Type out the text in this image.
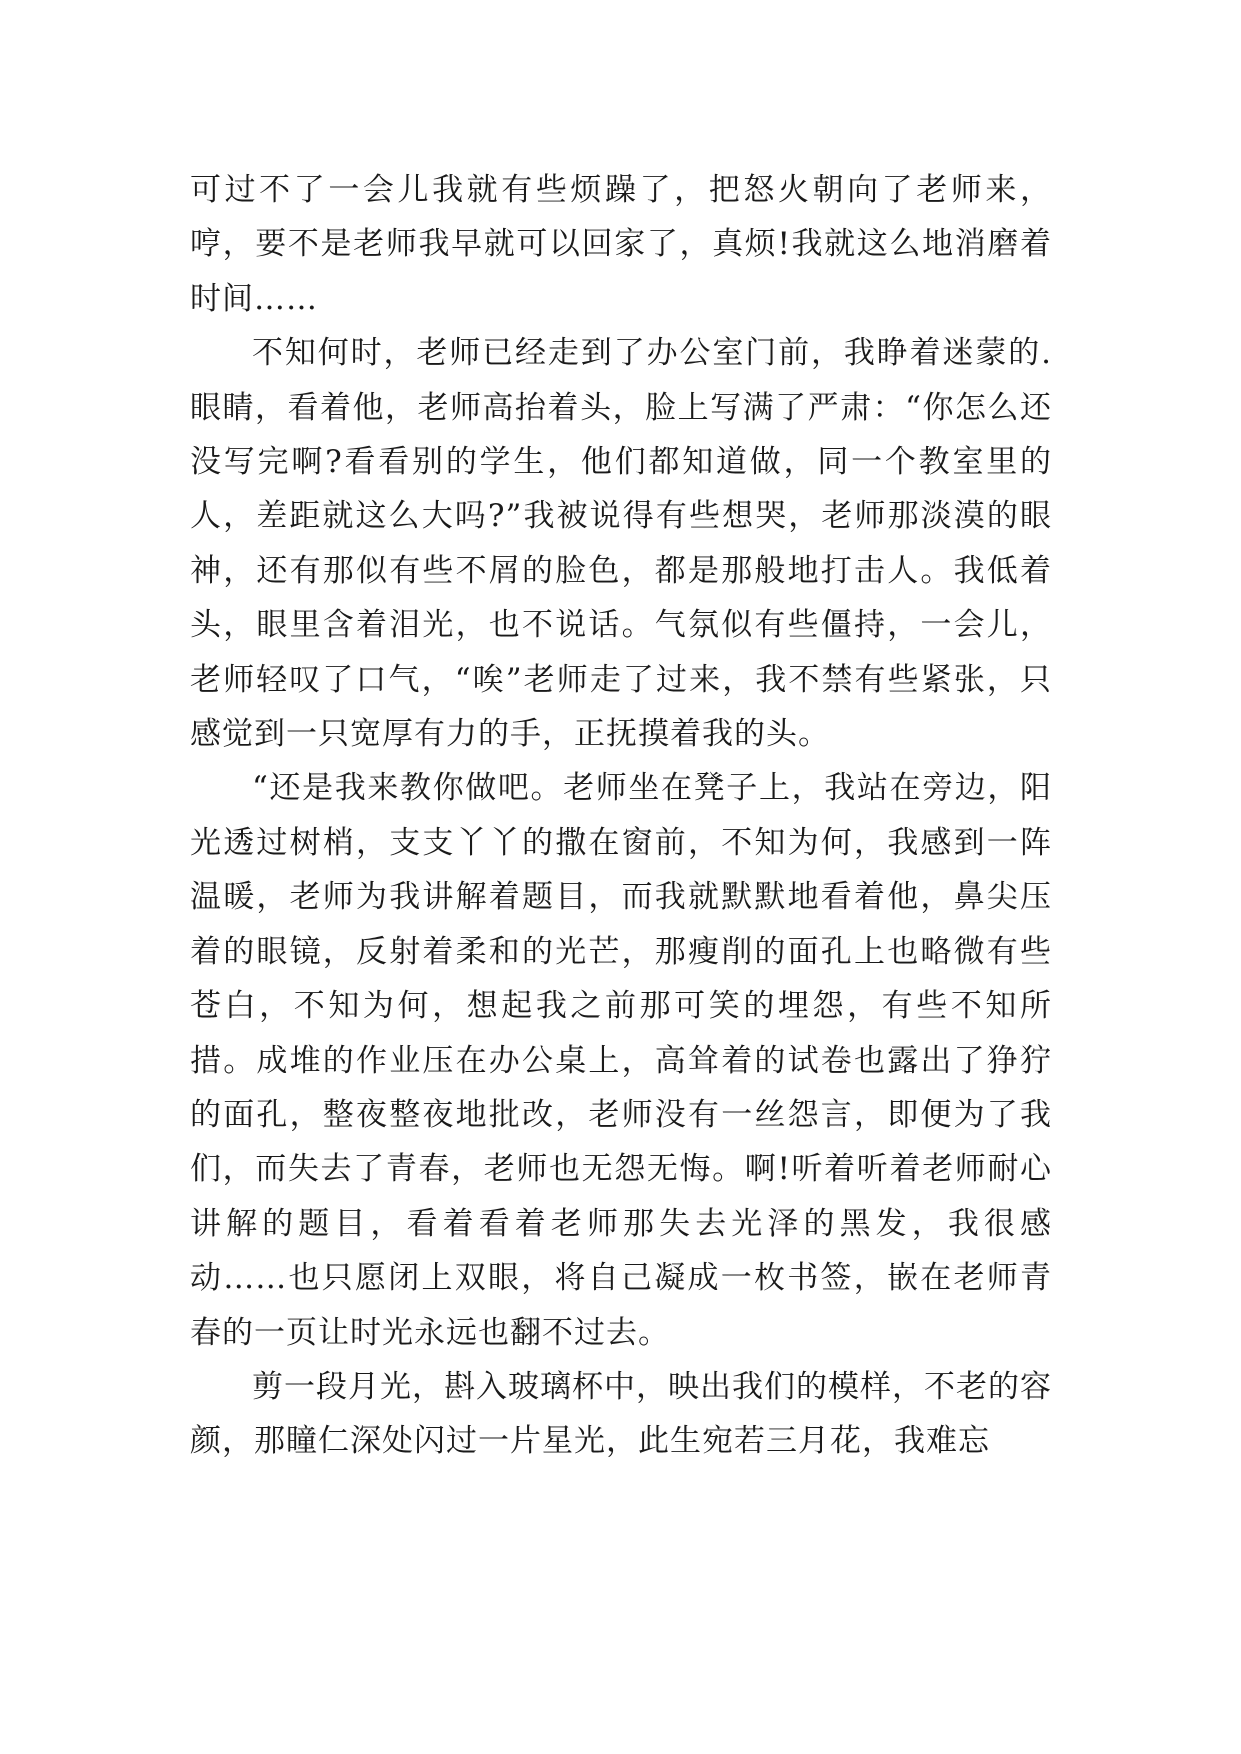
可过不了一会儿我就有些烦躁了，把怒火朝向了老师来，哼，要不是老师我早就可以回家了，真烦!我就这么地消磨着时间……

不知何时，老师已经走到了办公室门前，我睁着迷蒙的.眼睛，看着他，老师高抬着头，脸上写满了严肃：“你怎么还没写完啊?看看别的学生，他们都知道做，同一个教室里的人，差距就这么大吗?”我被说得有些想哭，老师那淡漠的眼神，还有那似有些不屑的脸色，都是那般地打击人。我低着头，眼里含着泪光，也不说话。气氛似有些僵持，一会儿，老师轻叹了口气，“唉”老师走了过来，我不禁有些紧张，只感觉到一只宽厚有力的手，正抚摸着我的头。

“还是我来教你做吧。老师坐在凳子上，我站在旁边，阳光透过树梢，支支丫丫的撒在窗前，不知为何，我感到一阵温暖，老师为我讲解着题目，而我就默默地看着他，鼻尖压着的眼镜，反射着柔和的光芒，那瘦削的面孔上也略微有些苍白，不知为何，想起我之前那可笑的埋怨，有些不知所措。成堆的作业压在办公桌上，高耸着的试卷也露出了狰狞的面孔，整夜整夜地批改，老师没有一丝怨言，即便为了我们，而失去了青春，老师也无怨无悔。啊!听着听着老师耐心讲解的题目，看着看着老师那失去光泽的黑发，我很感动……也只愿闭上双眼，将自己凝成一枚书签，嵌在老师青春的一页让时光永远也翻不过去。

剪一段月光，斟入玻璃杯中，映出我们的模样，不老的容颜，那瞳仁深处闪过一片星光，此生宛若三月花，我难忘
